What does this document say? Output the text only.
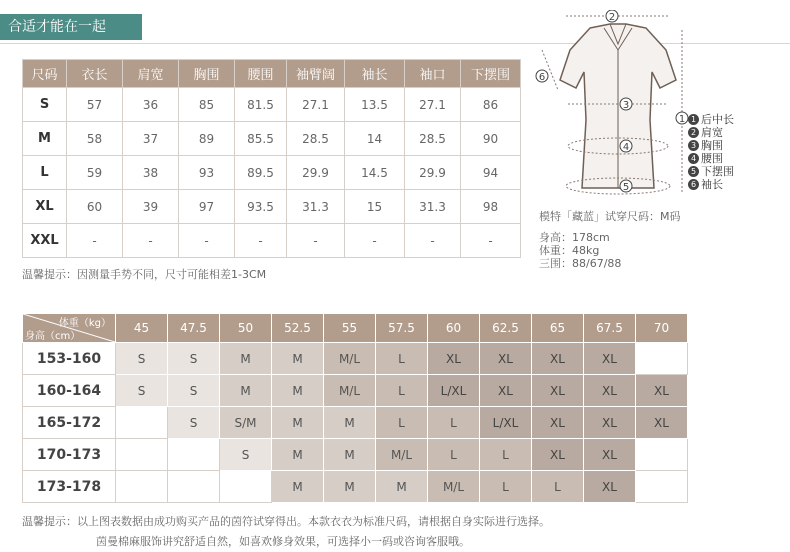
合适才能在一起
尺码	衣长	肩宽	胸围	腰围	袖臂阔	袖长	袖口	下摆围
S	57	36	85	81.5	27.1	13.5	27.1	86
M	58	37	89	85.5	28.5	14	28.5	90
L	59	38	93	89.5	29.9	14.5	29.9	94
XL	60	39	97	93.5	31.3	15	31.3	98
XXL	-	-	-	-	-	-	-	-
温馨提示：因测量手势不同，尺寸可能相差1-3CM
体重（kg）
身高（cm）	45	47.5	50	52.5	55	57.5	60	62.5	65	67.5	70
153-160	S	S	M	M	M/L	L	XL	XL	XL	XL	
160-164	S	S	M	M	M/L	L	L/XL	XL	XL	XL	XL
165-172		S	S/M	M	M	L	L	L/XL	XL	XL	XL
170-173			S	M	M	M/L	L	L	XL	XL	
173-178				M	M	M	M/L	L	L	XL	
温馨提示：以上图表数据由成功购买产品的茵符试穿得出。本款衣衣为标准尺码，请根据自身实际进行选择。
茵曼棉麻服饰讲究舒适自然，如喜欢修身效果，可选择小一码或咨询客服哦。
2
3
4
5
6
1 1 后中长
2 肩宽
3 胸围
4 腰围
5 下摆围
6 袖长
模特「藏蓝」试穿尺码：M码
身高：178cm
体重：48kg
三围：88/67/88
